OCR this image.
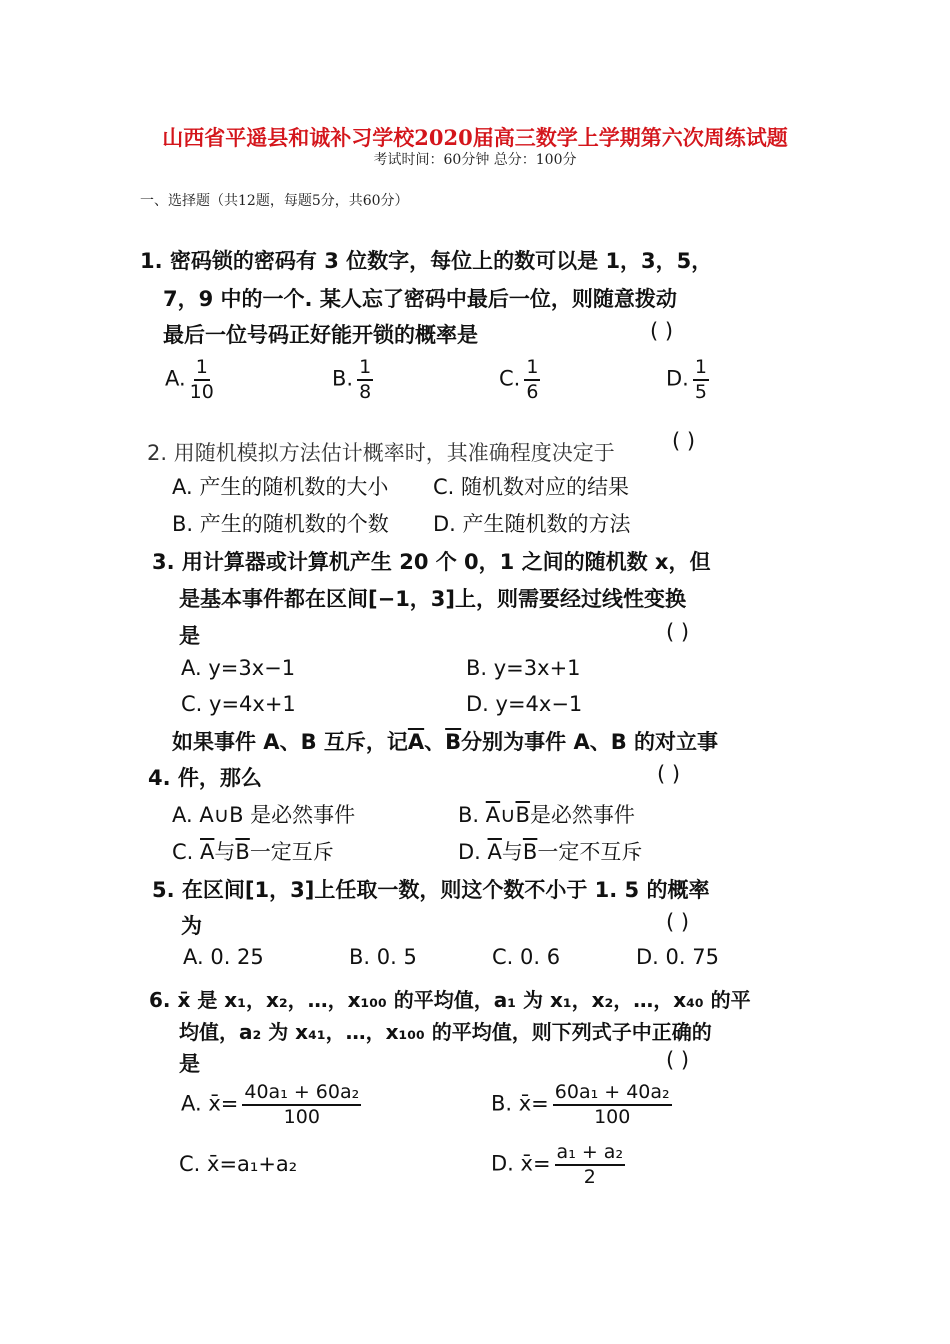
山西省平遥县和诚补习学校2020届高三数学上学期第六次周练试题
考试时间：60分钟 总分：100分
一、选择题（共12题，每题5分，共60分）
1. 密码锁的密码有 3 位数字，每位上的数可以是 1，3，5，
7，9 中的一个. 某人忘了密码中最后一位，则随意拨动
最后一位号码正好能开锁的概率是	( )
A. $\frac{1}{10}$	B. $\frac{1}{8}$	C. $\frac{1}{6}$	D. $\frac{1}{5}$
2. 用随机模拟方法估计概率时，其准确程度决定于	( )
A. 产生的随机数的大小 C. 随机数对应的结果
B. 产生的随机数的个数 D. 产生随机数的方法
3. 用计算器或计算机产生 20 个 0，1 之间的随机数 x，但
是基本事件都在区间[−1，3]上，则需要经过线性变换
是	( )
A. y=3x−1	B. y=3x+1
C. y=4x+1	D. y=4x−1
如果事件 A、B 互斥，记$\overline{A}$、$\overline{B}$分别为事件 A、B 的对立事
4. 件，那么	( )
A. A∪B 是必然事件	B. $\overline{A}\cup\overline{B}$是必然事件
C. $\overline{A}$与$\overline{B}$一定互斥	D. $\overline{A}$与$\overline{B}$一定不互斥
5. 在区间[1，3]上任取一数，则这个数不小于 1. 5 的概率
为	( )
A. 0. 25	B. 0. 5	C. 0. 6	D. 0. 75
6. x̄ 是 x₁，x₂，…，x₁₀₀ 的平均值，a₁ 为 x₁，x₂，…，x₄₀ 的平
均值，a₂ 为 x₄₁，…，x₁₀₀ 的平均值，则下列式子中正确的
是	( )
A. x̄= $\frac{\text{40a₁ + 60a₂}}{100}$	B. x̄= $\frac{\text{60a₁ + 40a₂}}{100}$
C. x̄=a₁+a₂	D. x̄= $\frac{\text{a₁ + a₂}}{2}$
